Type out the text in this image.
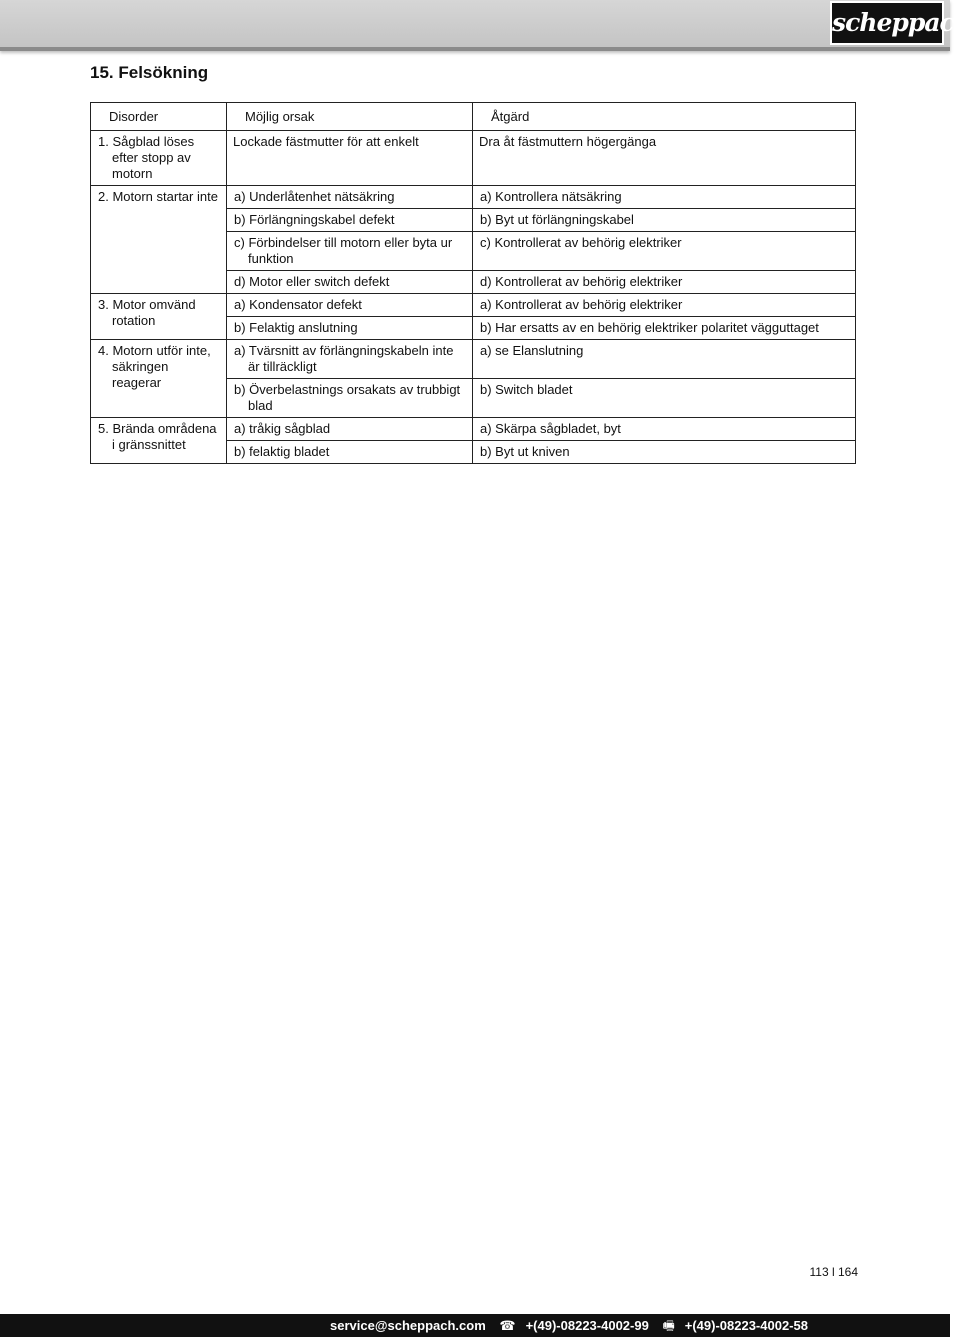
scheppach
15. Felsökning
Disorder	Möjlig orsak	Åtgärd
1. Sågblad löses efter stopp av motorn	Lockade fästmutter för att enkelt	Dra åt fästmuttern högergänga
2. Motorn startar inte	a) Underlåtenhet nätsäkring	a) Kontrollera nätsäkring
	b) Förlängningskabel defekt	b) Byt ut förlängningskabel
	c) Förbindelser till motorn eller byta ur funktion	c) Kontrollerat av behörig elektriker
	d) Motor eller switch defekt	d) Kontrollerat av behörig elektriker
3. Motor omvänd rotation	a) Kondensator defekt	a) Kontrollerat av behörig elektriker
	b) Felaktig anslutning	b) Har ersatts av en behörig elektriker polaritet vägguttaget
4. Motorn utför inte, säkringen reagerar	a) Tvärsnitt av förlängningskabeln inte är tillräckligt	a) se Elanslutning
	b) Överbelastnings orsakats av trubbigt blad	b) Switch bladet
5. Brända områdena i gränssnittet	a) tråkig sågblad	a) Skärpa sågbladet, byt
	b) felaktig bladet	b) Byt ut kniven
113 l 164
service@scheppach.com ☎ +(49)-08223-4002-99 🖷 +(49)-08223-4002-58
